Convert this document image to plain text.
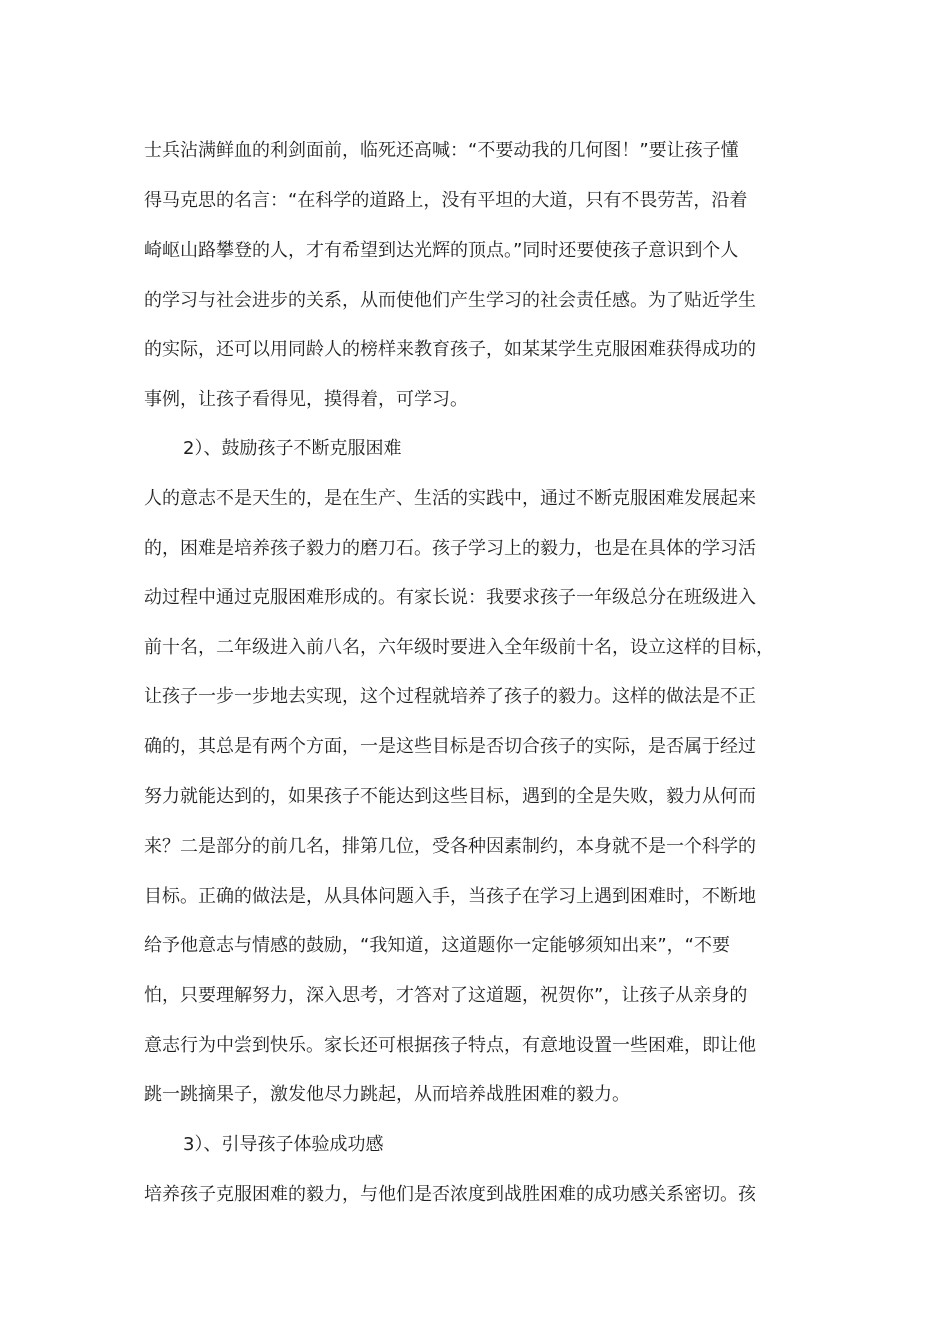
士兵沾满鲜血的利剑面前，临死还高喊：“不要动我的几何图！”要让孩子懂
得马克思的名言：“在科学的道路上，没有平坦的大道，只有不畏劳苦，沿着
崎岖山路攀登的人，才有希望到达光辉的顶点。”同时还要使孩子意识到个人
的学习与社会进步的关系，从而使他们产生学习的社会责任感。为了贴近学生
的实际，还可以用同龄人的榜样来教育孩子，如某某学生克服困难获得成功的
事例，让孩子看得见，摸得着，可学习。
2）、鼓励孩子不断克服困难
人的意志不是天生的，是在生产、生活的实践中，通过不断克服困难发展起来
的，困难是培养孩子毅力的磨刀石。孩子学习上的毅力，也是在具体的学习活
动过程中通过克服困难形成的。有家长说：我要求孩子一年级总分在班级进入
前十名，二年级进入前八名，六年级时要进入全年级前十名，设立这样的目标，
让孩子一步一步地去实现，这个过程就培养了孩子的毅力。这样的做法是不正
确的，其总是有两个方面，一是这些目标是否切合孩子的实际，是否属于经过
努力就能达到的，如果孩子不能达到这些目标，遇到的全是失败，毅力从何而
来？二是部分的前几名，排第几位，受各种因素制约，本身就不是一个科学的
目标。正确的做法是，从具体问题入手，当孩子在学习上遇到困难时，不断地
给予他意志与情感的鼓励，“我知道，这道题你一定能够须知出来”，“不要
怕，只要理解努力，深入思考，才答对了这道题，祝贺你”，让孩子从亲身的
意志行为中尝到快乐。家长还可根据孩子特点，有意地设置一些困难，即让他
跳一跳摘果子，激发他尽力跳起，从而培养战胜困难的毅力。
3）、引导孩子体验成功感
培养孩子克服困难的毅力，与他们是否浓度到战胜困难的成功感关系密切。孩
